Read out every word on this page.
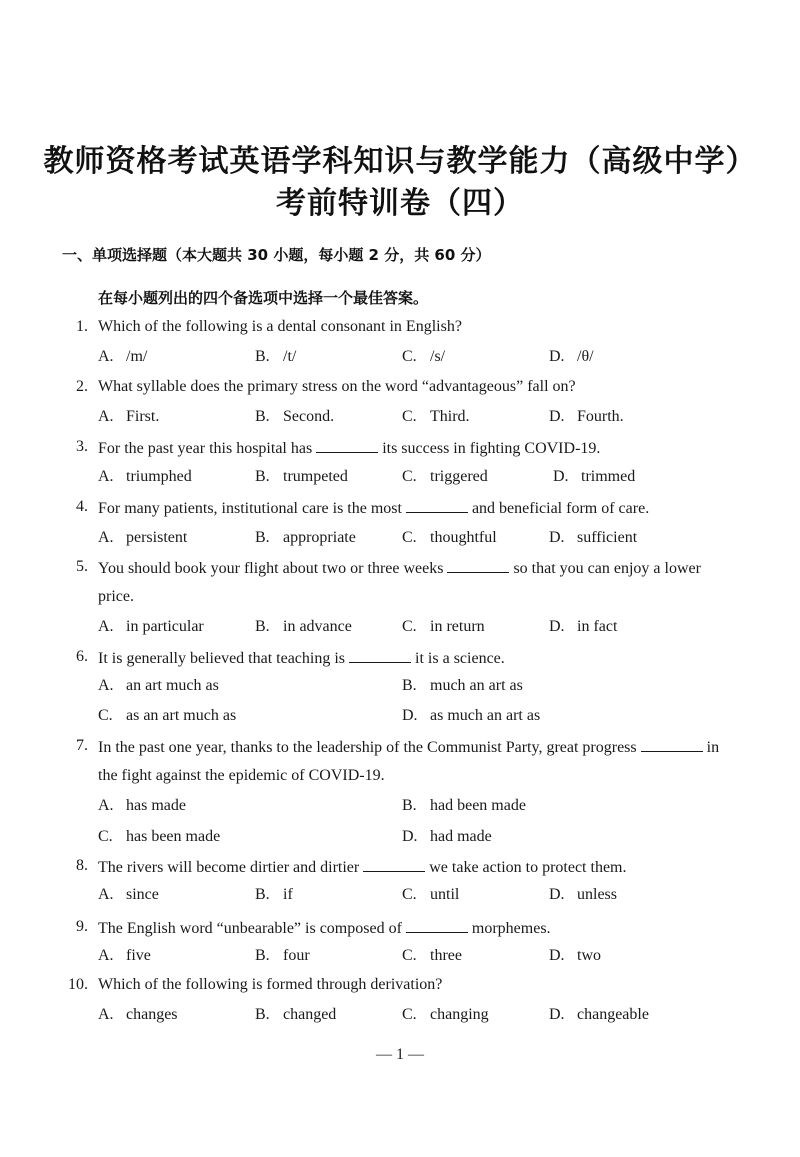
教师资格考试英语学科知识与教学能力（高级中学）
考前特训卷（四）
一、单项选择题（本大题共 30 小题，每小题 2 分，共 60 分）
在每小题列出的四个备选项中选择一个最佳答案。
1. Which of the following is a dental consonant in English?
A. /m/	B. /t/	C. /s/	D. /θ/
2. What syllable does the primary stress on the word “advantageous” fall on?
A. First.	B. Second.	C. Third.	D. Fourth.
3. For the past year this hospital has	its success in fighting COVID-19.
A. triumphed	B. trumpeted	C. triggered	D. trimmed
4. For many patients, institutional care is the most	and beneficial form of care.
A. persistent	B. appropriate	C. thoughtful	D. sufficient
5. You should book your flight about two or three weeks	so that you can enjoy a lower
price.
A. in particular	B. in advance	C. in return	D. in fact
6. It is generally believed that teaching is	it is a science.
A. an art much as	B. much an art as
C. as an art much as	D. as much an art as
7. In the past one year, thanks to the leadership of the Communist Party, great progress	in
the fight against the epidemic of COVID-19.
A. has made	B. had been made
C. has been made	D. had made
8. The rivers will become dirtier and dirtier	we take action to protect them.
A. since	B. if	C. until	D. unless
9. The English word “unbearable” is composed of	morphemes.
A. five	B. four	C. three	D. two
10. Which of the following is formed through derivation?
A. changes	B. changed	C. changing	D. changeable
— 1 —
